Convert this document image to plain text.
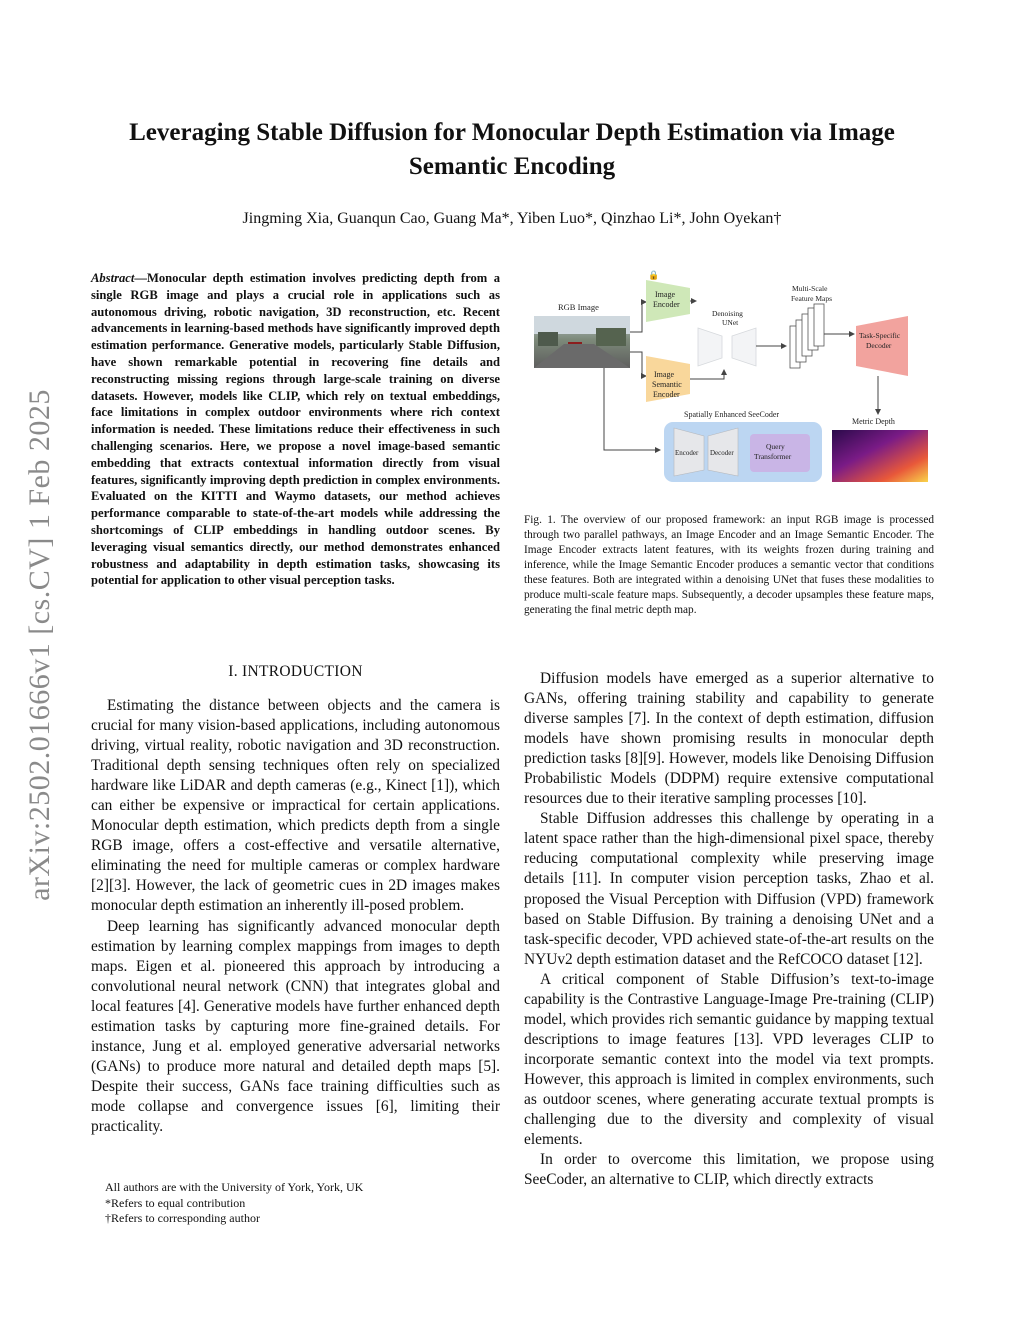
arXiv:2502.01666v1 [cs.CV] 1 Feb 2025
Leveraging Stable Diffusion for Monocular Depth Estimation via Image Semantic Encoding
Jingming Xia, Guanqun Cao, Guang Ma*, Yiben Luo*, Qinzhao Li*, John Oyekan†
Abstract—Monocular depth estimation involves predicting depth from a single RGB image and plays a crucial role in applications such as autonomous driving, robotic navigation, 3D reconstruction, etc. Recent advancements in learning-based methods have significantly improved depth estimation performance. Generative models, particularly Stable Diffusion, have shown remarkable potential in recovering fine details and reconstructing missing regions through large-scale training on diverse datasets. However, models like CLIP, which rely on textual embeddings, face limitations in complex outdoor environments where rich context information is needed. These limitations reduce their effectiveness in such challenging scenarios. Here, we propose a novel image-based semantic embedding that extracts contextual information directly from visual features, significantly improving depth prediction in complex environments. Evaluated on the KITTI and Waymo datasets, our method achieves performance comparable to state-of-the-art models while addressing the shortcomings of CLIP embeddings in handling outdoor scenes. By leveraging visual semantics directly, our method demonstrates enhanced robustness and adaptability in depth estimation tasks, showcasing its potential for application to other visual perception tasks.
I. INTRODUCTION

Estimating the distance between objects and the camera is crucial for many vision-based applications, including autonomous driving, virtual reality, robotic navigation and 3D reconstruction. Traditional depth sensing techniques often rely on specialized hardware like LiDAR and depth cameras (e.g., Kinect [1]), which can either be expensive or impractical for certain applications. Monocular depth estimation, which predicts depth from a single RGB image, offers a cost-effective and versatile alternative, eliminating the need for multiple cameras or complex hardware [2][3]. However, the lack of geometric cues in 2D images makes monocular depth estimation an inherently ill-posed problem.

Deep learning has significantly advanced monocular depth estimation by learning complex mappings from images to depth maps. Eigen et al. pioneered this approach by introducing a convolutional neural network (CNN) that integrates global and local features [4]. Generative models have further enhanced depth estimation tasks by capturing more fine-grained details. For instance, Jung et al. employed generative adversarial networks (GANs) to produce more natural and detailed depth maps [5]. Despite their success, GANs face training difficulties such as mode collapse and convergence issues [6], limiting their practicality.

All authors are with the University of York, York, UK
*Refers to equal contribution
†Refers to corresponding author
RGB Image
🔒
Image
Encoder
Image
Semantic
Encoder
Denoising
UNet
Multi-Scale
Feature Maps
Task-Specific
Decoder
Metric Depth
Spatially Enhanced SeeCoder
Encoder Decoder
Query
Transformer
Fig. 1. The overview of our proposed framework: an input RGB image is processed through two parallel pathways, an Image Encoder and an Image Semantic Encoder. The Image Encoder extracts latent features, with its weights frozen during training and inference, while the Image Semantic Encoder produces a semantic vector that conditions these features. Both are integrated within a denoising UNet that fuses these modalities to produce multi-scale feature maps. Subsequently, a decoder upsamples these feature maps, generating the final metric depth map.

Diffusion models have emerged as a superior alternative to GANs, offering training stability and capability to generate diverse samples [7]. In the context of depth estimation, diffusion models have shown promising results in monocular depth prediction tasks [8][9]. However, models like Denoising Diffusion Probabilistic Models (DDPM) require extensive computational resources due to their iterative sampling processes [10].

Stable Diffusion addresses this challenge by operating in a latent space rather than the high-dimensional pixel space, thereby reducing computational complexity while preserving image details [11]. In computer vision perception tasks, Zhao et al. proposed the Visual Perception with Diffusion (VPD) framework based on Stable Diffusion. By training a denoising UNet and a task-specific decoder, VPD achieved state-of-the-art results on the NYUv2 depth estimation dataset and the RefCOCO dataset [12].

A critical component of Stable Diffusion’s text-to-image capability is the Contrastive Language-Image Pre-training (CLIP) model, which provides rich semantic guidance by mapping textual descriptions to image features [13]. VPD leverages CLIP to incorporate semantic context into the model via text prompts. However, this approach is limited in complex environments, such as outdoor scenes, where generating accurate textual prompts is challenging due to the diversity and complexity of visual elements.

In order to overcome this limitation, we propose using SeeCoder, an alternative to CLIP, which directly extracts
